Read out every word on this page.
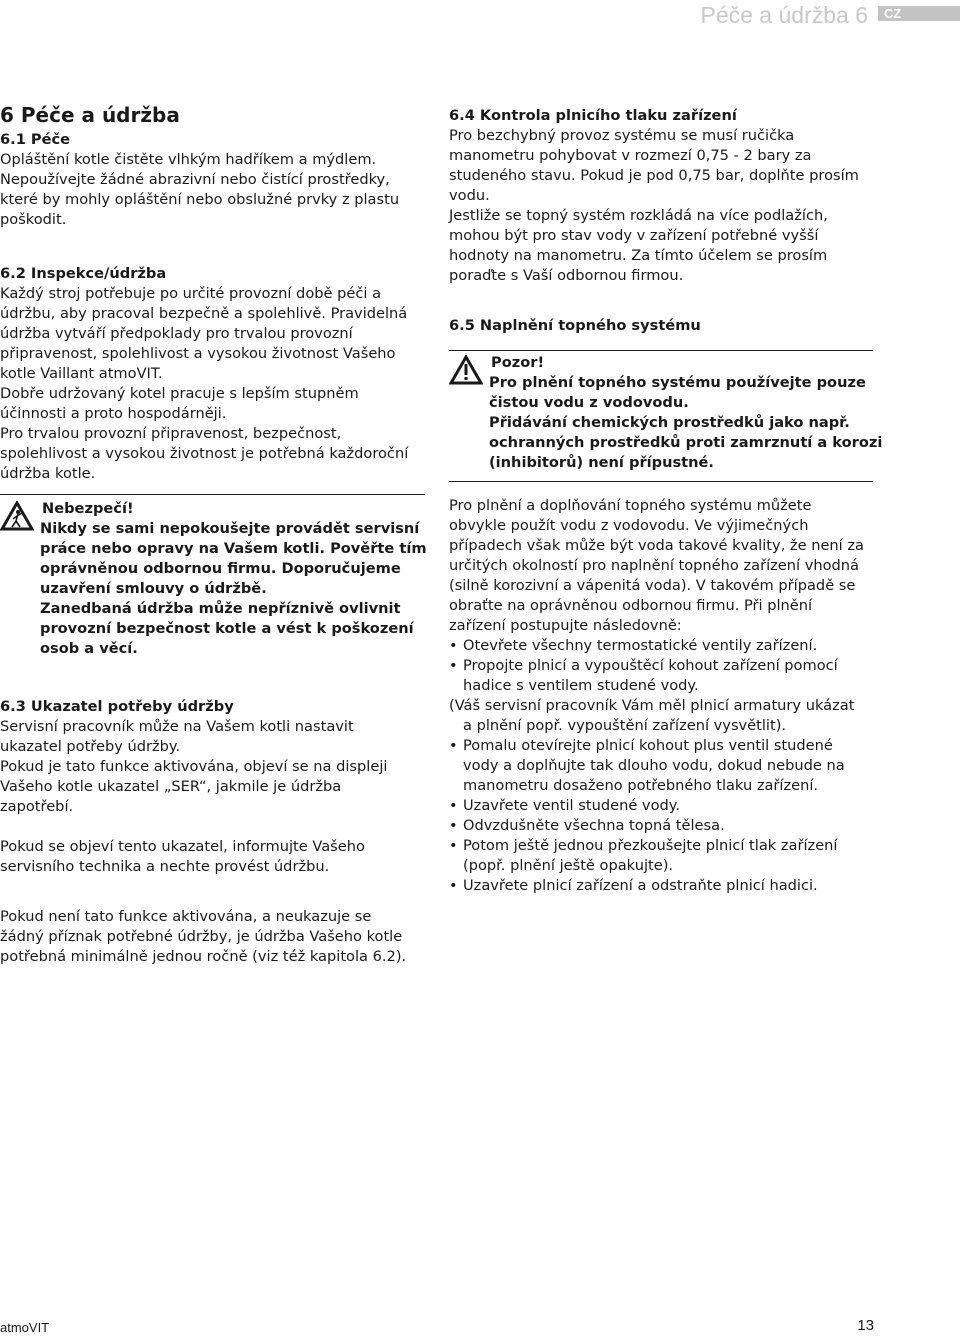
Péče a údržba 6	CZ

6 Péče a údržba

6.1 Péče

Opláštění kotle čistěte vlhkým hadříkem a mýdlem.

Nepoužívejte žádné abrazivní nebo čistící prostředky,

které by mohly opláštění nebo obslužné prvky z plastu

poškodit.

6.2 Inspekce/údržba

Každý stroj potřebuje po určité provozní době péči a

údržbu, aby pracoval bezpečně a spolehlivě. Pravidelná

údržba vytváří předpoklady pro trvalou provozní

připravenost, spolehlivost a vysokou životnost Vašeho

kotle Vaillant atmoVIT.

Dobře udržovaný kotel pracuje s lepším stupněm

účinnosti a proto hospodárněji.

Pro trvalou provozní připravenost, bezpečnost,

spolehlivost a vysokou životnost je potřebná každoroční

údržba kotle.

Nebezpečí!

Nikdy se sami nepokoušejte provádět servisní

práce nebo opravy na Vašem kotli. Pověřte tím

oprávněnou odbornou firmu. Doporučujeme

uzavření smlouvy o údržbě.

Zanedbaná údržba může nepříznivě ovlivnit

provozní bezpečnost kotle a vést k poškození

osob a věcí.

6.3 Ukazatel potřeby údržby

Servisní pracovník může na Vašem kotli nastavit

ukazatel potřeby údržby.

Pokud je tato funkce aktivována, objeví se na displeji

Vašeho kotle ukazatel „SER“, jakmile je údržba

zapotřebí.

Pokud se objeví tento ukazatel, informujte Vašeho

servisního technika a nechte provést údržbu.

Pokud není tato funkce aktivována, a neukazuje se

žádný příznak potřebné údržby, je údržba Vašeho kotle

potřebná minimálně jednou ročně (viz též kapitola 6.2).

6.4 Kontrola plnicího tlaku zařízení

Pro bezchybný provoz systému se musí ručička

manometru pohybovat v rozmezí 0,75 - 2 bary za

studeného stavu. Pokud je pod 0,75 bar, doplňte prosím

vodu.

Jestliže se topný systém rozkládá na více podlažích,

mohou být pro stav vody v zařízení potřebné vyšší

hodnoty na manometru. Za tímto účelem se prosím

poraďte s Vaší odbornou firmou.

6.5 Naplnění topného systému

Pozor!

Pro plnění topného systému používejte pouze

čistou vodu z vodovodu.

Přidávání chemických prostředků jako např.

ochranných prostředků proti zamrznutí a korozi

(inhibitorů) není přípustné.

Pro plnění a doplňování topného systému můžete

obvykle použít vodu z vodovodu. Ve výjimečných

případech však může být voda takové kvality, že není za

určitých okolností pro naplnění topného zařízení vhodná

(silně korozivní a vápenitá voda). V takovém případě se

obraťte na oprávněnou odbornou firmu. Při plnění

zařízení postupujte následovně:

• Otevřete všechny termostatické ventily zařízení.
• Propojte plnicí a vypouštěcí kohout zařízení pomocí hadice s ventilem studené vody.

(Váš servisní pracovník Vám měl plnicí armatury ukázat

a plnění popř. vypouštění zařízení vysvětlit).

• Pomalu otevírejte plnicí kohout plus ventil studené vody a doplňujte tak dlouho vodu, dokud nebude na manometru dosaženo potřebného tlaku zařízení.
• Uzavřete ventil studené vody.
• Odvzdušněte všechna topná tělesa.
• Potom ještě jednou přezkoušejte plnicí tlak zařízení (popř. plnění ještě opakujte).
• Uzavřete plnicí zařízení a odstraňte plnicí hadici.
atmoVIT	13
